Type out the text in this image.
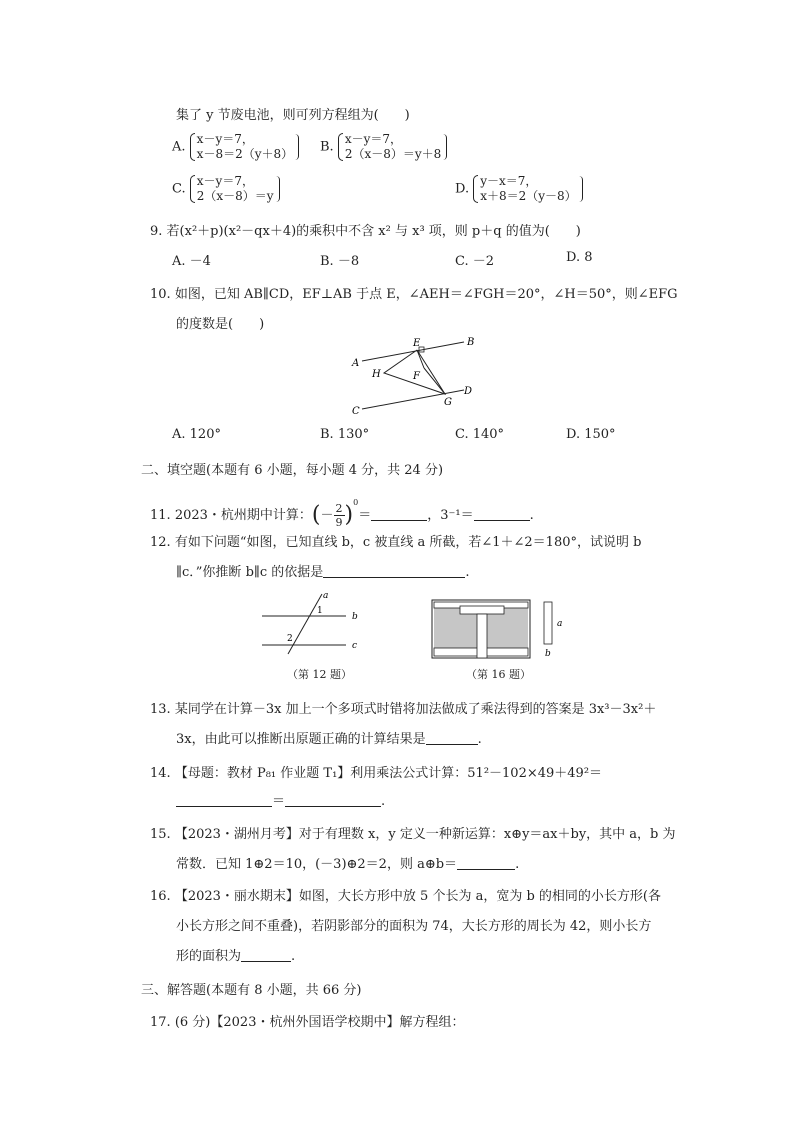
集了 y 节废电池，则可列方程组为(　　)
A.
x－y＝7，
x－8＝2（y＋8） B.
x－y＝7，
2（x－8）＝y＋8
C.
x－y＝7，
2（x－8）＝y	D.
y－x＝7，
x＋8＝2（y－8）
9. 若(x²＋p)(x²－qx＋4)的乘积中不含 x² 与 x³ 项，则 p＋q 的值为(　　)
A. －4	B. －8	C. －2	D. 8
10. 如图，已知 AB∥CD，EF⊥AB 于点 E，∠AEH＝∠FGH＝20°，∠H＝50°，则∠EFG
的度数是(　　)
A
B
C
D
E
F
G
H
A. 120°	B. 130°	C. 140°	D. 150°
二、填空题(本题有 6 小题，每小题 4 分，共 24 分)
11. 2023・杭州期中计算：(－ $\frac{2}{9} )^0=$	，3⁻¹＝	.
12. 有如下问题“如图，已知直线 b，c 被直线 a 所截，若∠1＋∠2＝180°，试说明 b
∥c．”你推断 b∥c 的依据是	.
a
b
c
1
2
（第 12 题）
a
b
（第 16 题）
13. 某同学在计算－3x 加上一个多项式时错将加法做成了乘法得到的答案是 3x³－3x²＋
3x，由此可以推断出原题正确的计算结果是	.
14. 【母题：教材 P₈₁ 作业题 T₁】利用乘法公式计算：51²－102×49＋49²＝
＝	.
15. 【2023・湖州月考】对于有理数 x，y 定义一种新运算：x⊕y＝ax＋by，其中 a，b 为
常数．已知 1⊕2＝10，(－3)⊕2＝2，则 a⊕b＝	.
16. 【2023・丽水期末】如图，大长方形中放 5 个长为 a，宽为 b 的相同的小长方形(各
小长方形之间不重叠)，若阴影部分的面积为 74，大长方形的周长为 42，则小长方
形的面积为	.
三、解答题(本题有 8 小题，共 66 分)
17. (6 分)【2023・杭州外国语学校期中】解方程组：
